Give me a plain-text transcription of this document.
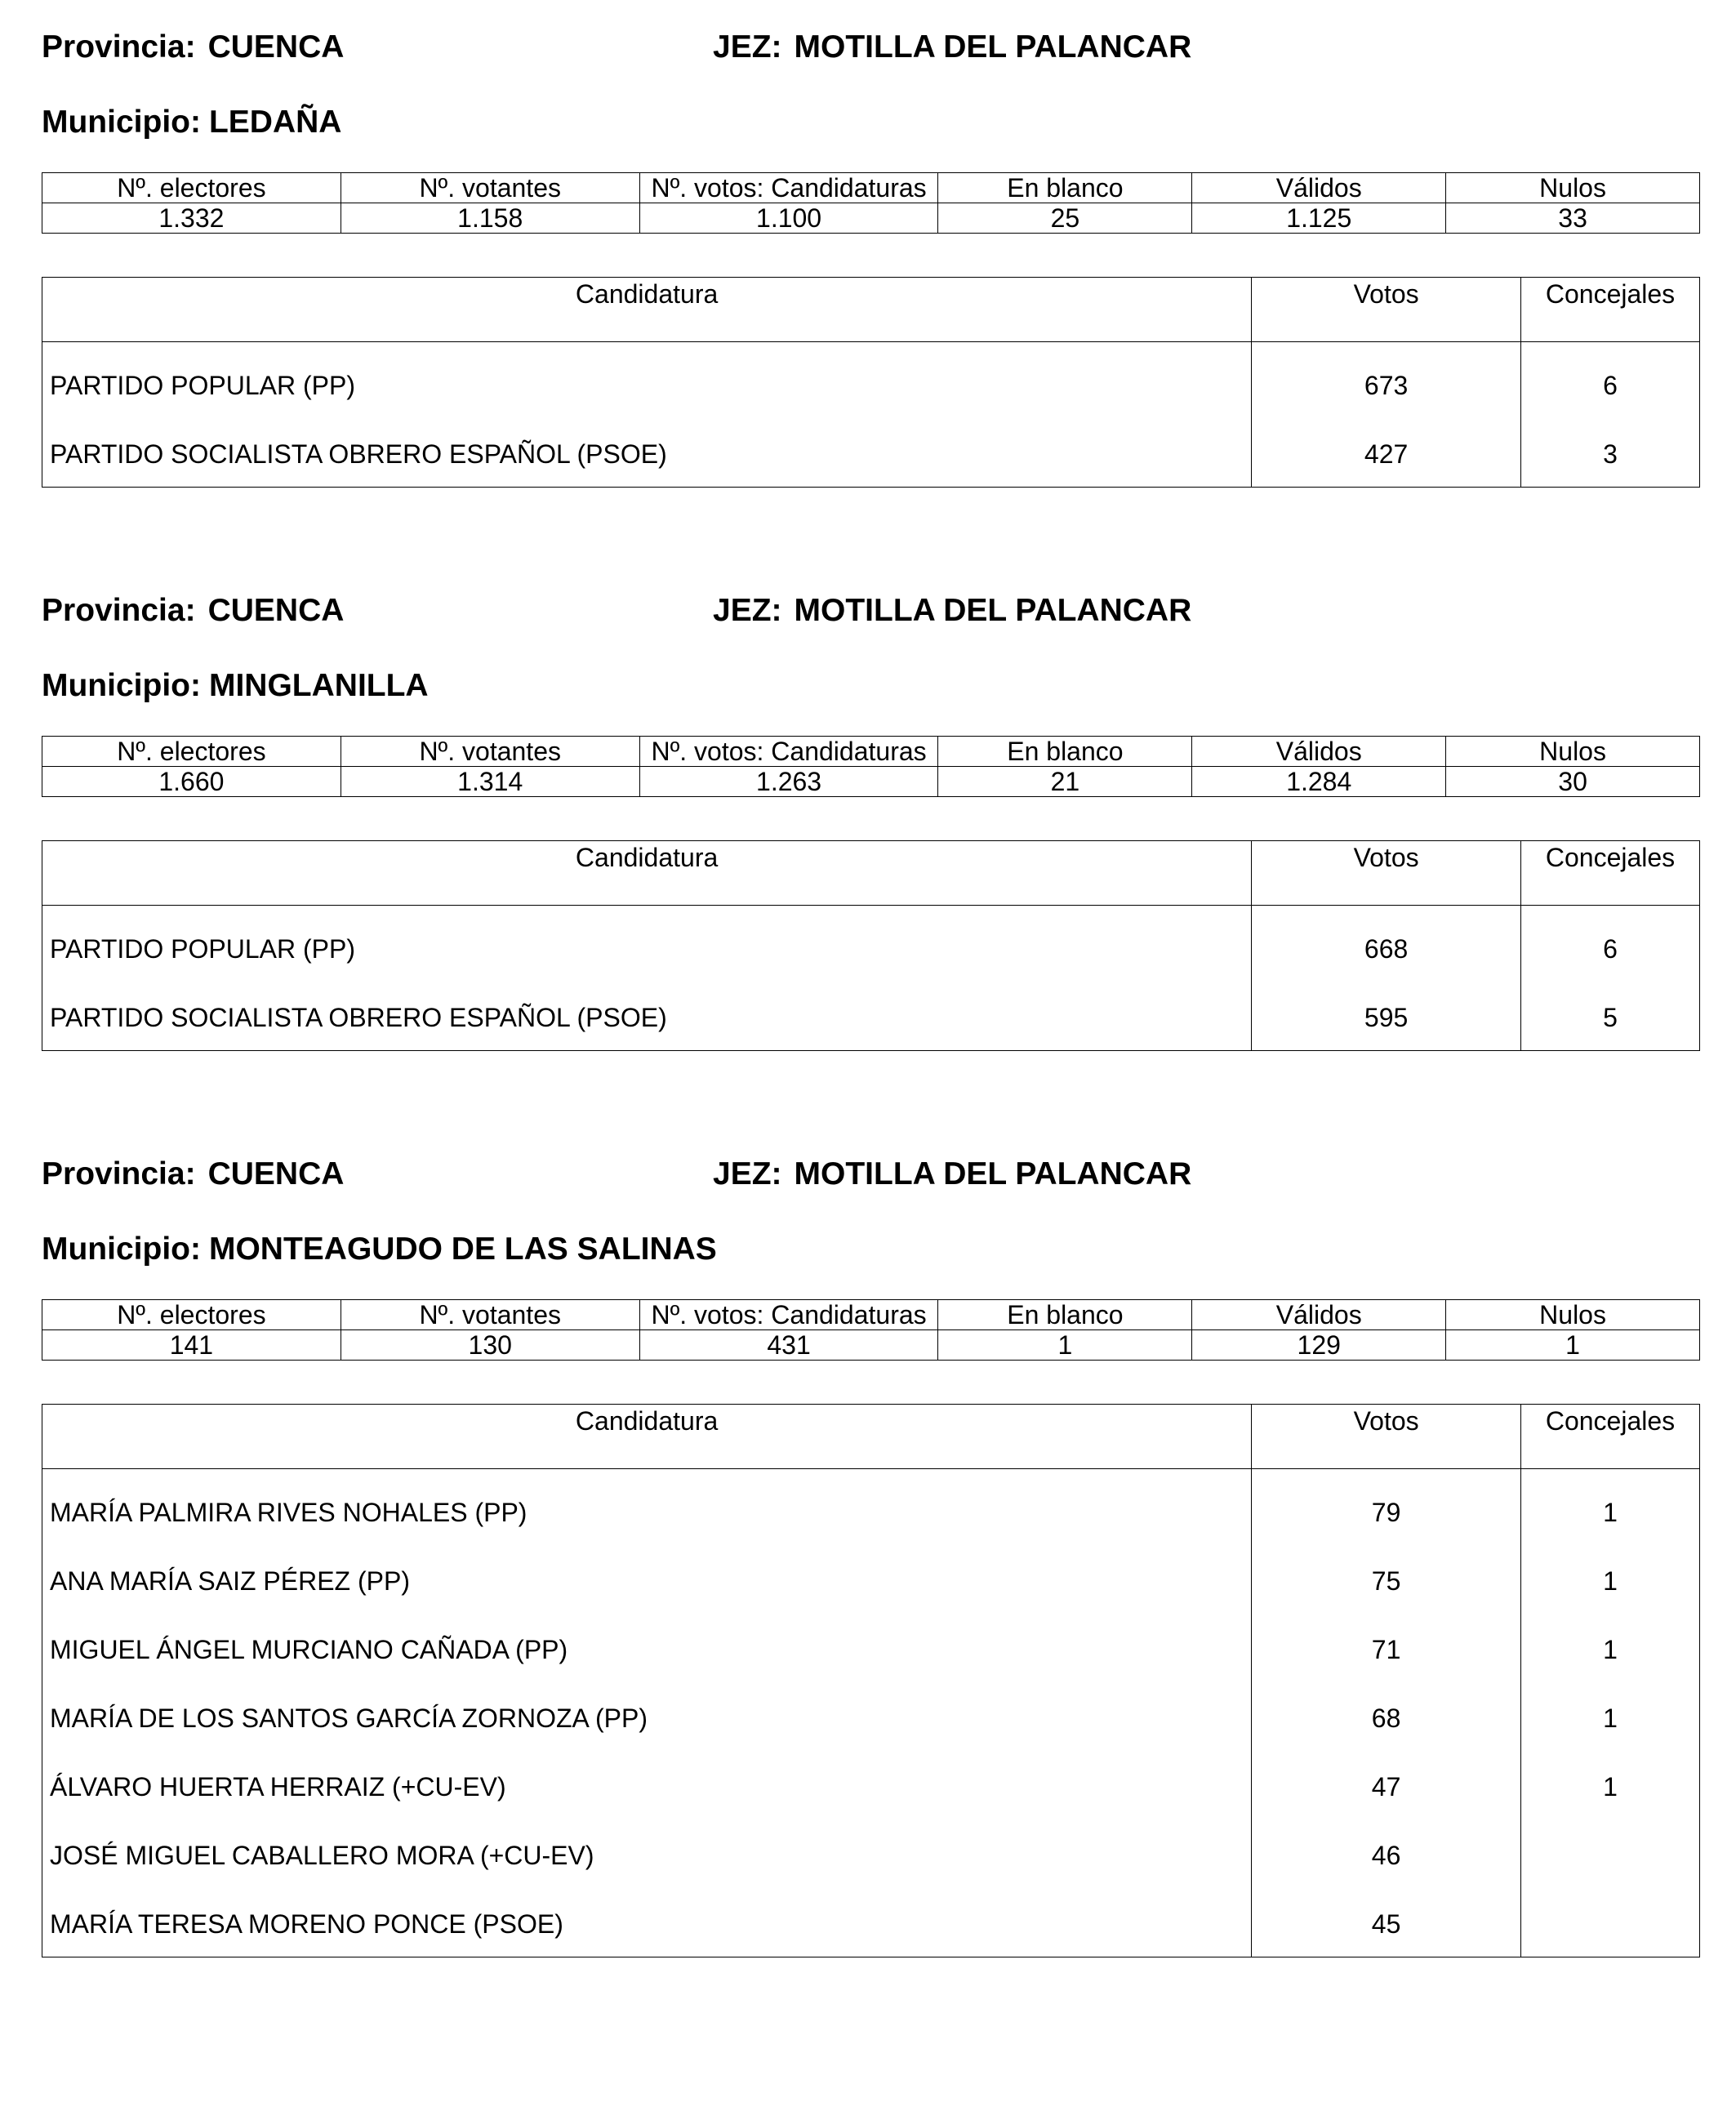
Provincia: CUENCA	JEZ: MOTILLA DEL PALANCAR
Municipio: LEDAÑA
Nº. electores	Nº. votantes	Nº. votos: Candidaturas	En blanco	Válidos	Nulos
1.332	1.158	1.100	25	1.125	33
Candidatura	Votos	Concejales
PARTIDO POPULAR (PP)	673	6
PARTIDO SOCIALISTA OBRERO ESPAÑOL (PSOE)	427	3
Provincia: CUENCA	JEZ: MOTILLA DEL PALANCAR
Municipio: MINGLANILLA
Nº. electores	Nº. votantes	Nº. votos: Candidaturas	En blanco	Válidos	Nulos
1.660	1.314	1.263	21	1.284	30
Candidatura	Votos	Concejales
PARTIDO POPULAR (PP)	668	6
PARTIDO SOCIALISTA OBRERO ESPAÑOL (PSOE)	595	5
Provincia: CUENCA	JEZ: MOTILLA DEL PALANCAR
Municipio: MONTEAGUDO DE LAS SALINAS
Nº. electores	Nº. votantes	Nº. votos: Candidaturas	En blanco	Válidos	Nulos
141	130	431	1	129	1
Candidatura	Votos	Concejales
MARÍA PALMIRA RIVES NOHALES (PP)	79	1
ANA MARÍA SAIZ PÉREZ (PP)	75	1
MIGUEL ÁNGEL MURCIANO CAÑADA (PP)	71	1
MARÍA DE LOS SANTOS GARCÍA ZORNOZA (PP)	68	1
ÁLVARO HUERTA HERRAIZ (+CU-EV)	47	1
JOSÉ MIGUEL CABALLERO MORA (+CU-EV)	46	
MARÍA TERESA MORENO PONCE (PSOE)	45	
